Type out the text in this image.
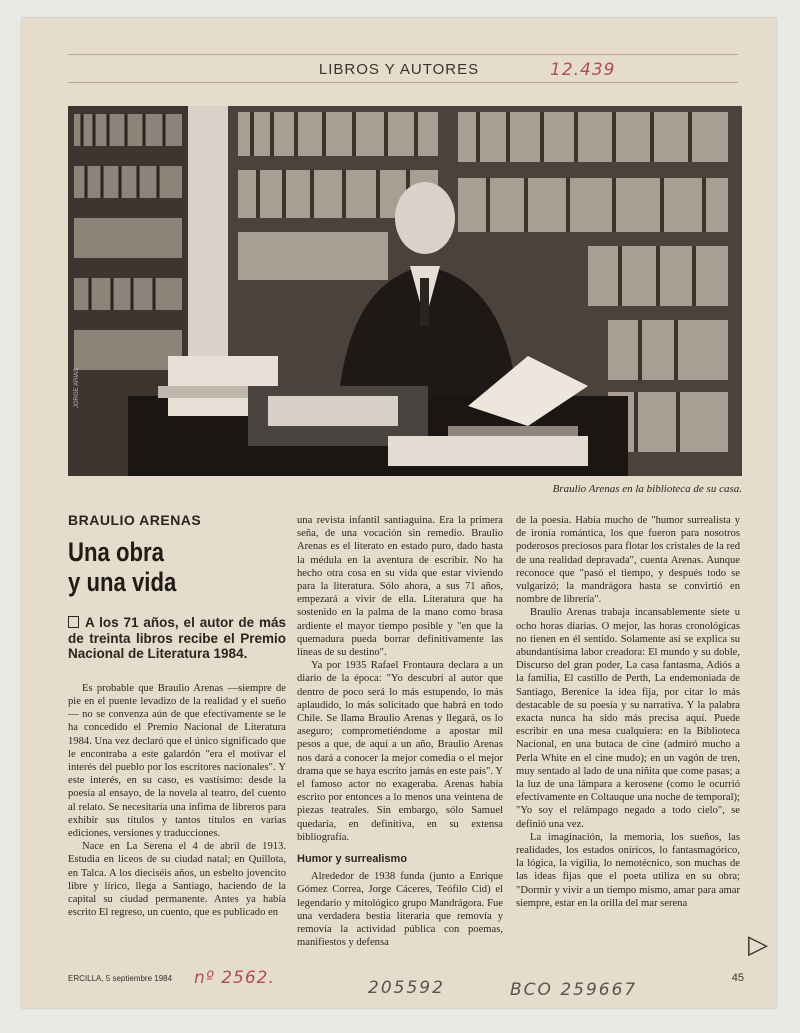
LIBROS Y AUTORES	12.439
JORGE ARIAS
Braulio Arenas en la biblioteca de su casa.
BRAULIO ARENAS
Una obra
y una vida
A los 71 años, el autor de más de treinta libros recibe el Premio Nacional de Literatura 1984.

Es probable que Braulio Arenas —siempre de pie en el puente levadizo de la realidad y el sueño— no se convenza aún de que efectivamente se le ha concedido el Premio Nacional de Literatura 1984. Una vez declaró que el único significado que le encontraba a este galardón "era el motivar el interés del pueblo por los escritores nacionales". Y este interés, en su caso, es vastísimo: desde la poesía al ensayo, de la novela al teatro, del cuento al relato. Se necesitaría una ínfima de libreros para exhibir sus títulos y tantos títulos en varias ediciones, versiones y traducciones.

Nace en La Serena el 4 de abril de 1913. Estudia en liceos de su ciudad natal; en Quillota, en Talca. A los dieciséis años, un esbelto jovencito libre y lírico, llega a Santiago, haciendo de la capital su ciudad permanente. Antes ya había escrito El regreso, un cuento, que es publicado en

una revista infantil santiaguina. Era la primera seña, de una vocación sin remedio. Braulio Arenas es el literato en estado puro, dado hasta la médula en la aventura de escribir. No ha hecho otra cosa en su vida que estar viviendo para la literatura. Sólo ahora, a sus 71 años, empezará a vivir de ella. Literatura que ha sostenido en la palma de la mano como brasa ardiente el mayor tiempo posible y "en que la quemadura pueda borrar definitivamente las líneas de su destino".

Ya por 1935 Rafael Frontaura declara a un diario de la época: "Yo descubrí al autor que dentro de poco será lo más estupendo, lo más aplaudido, lo más solicitado que habrá en todo Chile. Se llama Braulio Arenas y llegará, os lo aseguro; comprometiéndome a apostar mil pesos a que, de aquí a un año, Braulio Arenas nos dará a conocer la mejor comedia o el mejor drama que se haya escrito jamás en este país". Y el famoso actor no exageraba. Arenas había escrito por entonces a lo menos una veintena de piezas teatrales. Sin embargo, sólo Samuel quedaría, en definitiva, en su extensa bibliografía.

Humor y surrealismo

Alrededor de 1938 funda (junto a Enrique Gómez Correa, Jorge Cáceres, Teófilo Cid) el legendario y mitológico grupo Mandrágora. Fue una verdadera bestia literaria que removía y removía la actividad pública con poemas, manifiestos y defensa

de la poesía. Había mucho de "humor surrealista y de ironía romántica, los que fueron para nosotros poderosos preciosos para flotar los cristales de la red de una realidad depravada", cuenta Arenas. Aunque reconoce que "pasó el tiempo, y después todo se vulgarizó; la mandrágora hasta se convirtió en nombre de librería".

Braulio Arenas trabaja incansablemente siete u ocho horas diarias. O mejor, las horas cronológicas no tienen en él sentido. Solamente así se explica su abundantísima labor creadora: El mundo y su doble, Discurso del gran poder, La casa fantasma, Adiós a la familia, El castillo de Perth, La endemoniada de Santiago, Berenice la idea fija, por citar lo más destacable de su poesía y su narrativa. Y la palabra exacta nunca ha sido más precisa aquí. Puede escribir en una mesa cualquiera: en la Biblioteca Nacional, en una butaca de cine (admiró mucho a Perla White en el cine mudo); en un vagón de tren, muy sentado al lado de una niñita que come pasas; a la luz de una lámpara a kerosene (como le ocurrió efectivamente en Coltauque una noche de temporal); "Yo soy el relámpago negado a todo cielo", se definió una vez.

La imaginación, la memoria, los sueños, las realidades, los estados oníricos, lo fantasmagórico, la lógica, la vigilia, lo nemotécnico, son muchas de las ideas fijas que el poeta utiliza en su obra; "Dormir y vivir a un tiempo mismo, amar para amar siempre, estar en la orilla del mar serena

ERCILLA, 5 septiembre 1984 nº 2562.	205592	BCO 259667
45
▷
